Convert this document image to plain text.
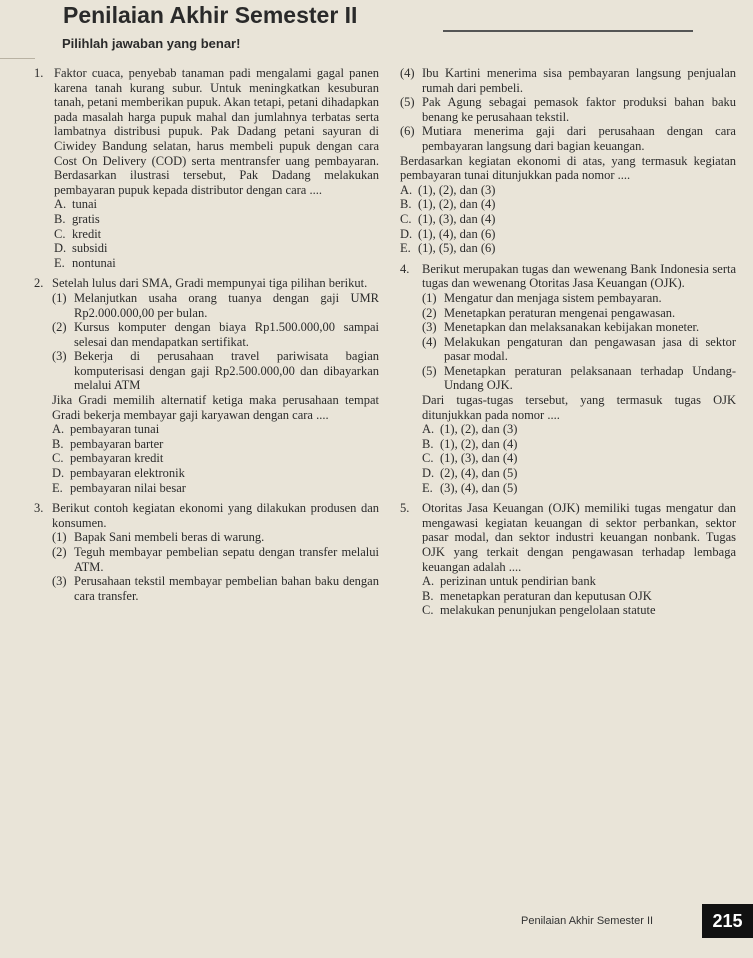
Penilaian Akhir Semester II
Pilihlah jawaban yang benar!
1. Faktor cuaca, penyebab tanaman padi mengalami gagal panen karena tanah kurang subur. Untuk meningkatkan kesuburan tanah, petani memberikan pupuk. Akan tetapi, petani dihadapkan pada masalah harga pupuk mahal dan jumlahnya terbatas serta lambatnya distribusi pupuk. Pak Dadang petani sayuran di Ciwidey Bandung selatan, harus membeli pupuk dengan cara Cost On Delivery (COD) serta mentransfer uang pembayaran. Berdasarkan ilustrasi tersebut, Pak Dadang melakukan pembayaran pupuk kepada distributor dengan cara ....

A. tunai
B. gratis
C. kredit
D. subsidi
E. nontunai
2. Setelah lulus dari SMA, Gradi mempunyai tiga pilihan berikut.

(1) Melanjutkan usaha orang tuanya dengan gaji UMR Rp2.000.000,00 per bulan.
(2) Kursus komputer dengan biaya Rp1.500.000,00 sampai selesai dan mendapatkan sertifikat.
(3) Bekerja di perusahaan travel pariwisata bagian komputerisasi dengan gaji Rp2.500.000,00 dan dibayarkan melalui ATM

Jika Gradi memilih alternatif ketiga maka perusahaan tempat Gradi bekerja membayar gaji karyawan dengan cara ....

A. pembayaran tunai
B. pembayaran barter
C. pembayaran kredit
D. pembayaran elektronik
E. pembayaran nilai besar
3. Berikut contoh kegiatan ekonomi yang dilakukan produsen dan konsumen.

(1) Bapak Sani membeli beras di warung.
(2) Teguh membayar pembelian sepatu dengan transfer melalui ATM.
(3) Perusahaan tekstil membayar pembelian bahan baku dengan cara transfer.
(4) Ibu Kartini menerima sisa pembayaran langsung penjualan rumah dari pembeli.
(5) Pak Agung sebagai pemasok faktor produksi bahan baku benang ke perusahaan tekstil.
(6) Mutiara menerima gaji dari perusahaan dengan cara pembayaran langsung dari bagian keuangan.

Berdasarkan kegiatan ekonomi di atas, yang termasuk kegiatan pembayaran tunai ditunjukkan pada nomor ....

A. (1), (2), dan (3)
B. (1), (2), dan (4)
C. (1), (3), dan (4)
D. (1), (4), dan (6)
E. (1), (5), dan (6)
4.	Berikut merupakan tugas dan wewenang Bank Indonesia serta tugas dan wewenang Otoritas Jasa Keuangan (OJK).

(1) Mengatur dan menjaga sistem pembayaran.
(2) Menetapkan peraturan mengenai pengawasan.
(3) Menetapkan dan melaksanakan kebijakan moneter.
(4) Melakukan pengaturan dan pengawasan jasa di sektor pasar modal.
(5) Menetapkan peraturan pelaksanaan terhadap Undang-Undang OJK.

Dari tugas-tugas tersebut, yang termasuk tugas OJK ditunjukkan pada nomor ....

A. (1), (2), dan (3)
B. (1), (2), dan (4)
C. (1), (3), dan (4)
D. (2), (4), dan (5)
E. (3), (4), dan (5)
5.	Otoritas Jasa Keuangan (OJK) memiliki tugas mengatur dan mengawasi kegiatan keuangan di sektor perbankan, sektor pasar modal, dan sektor industri keuangan nonbank. Tugas OJK yang terkait dengan pengawasan terhadap lembaga keuangan adalah ....

A. perizinan untuk pendirian bank
B. menetapkan peraturan dan keputusan OJK
C. melakukan penunjukan pengelolaan statute
Penilaian Akhir Semester II	215
